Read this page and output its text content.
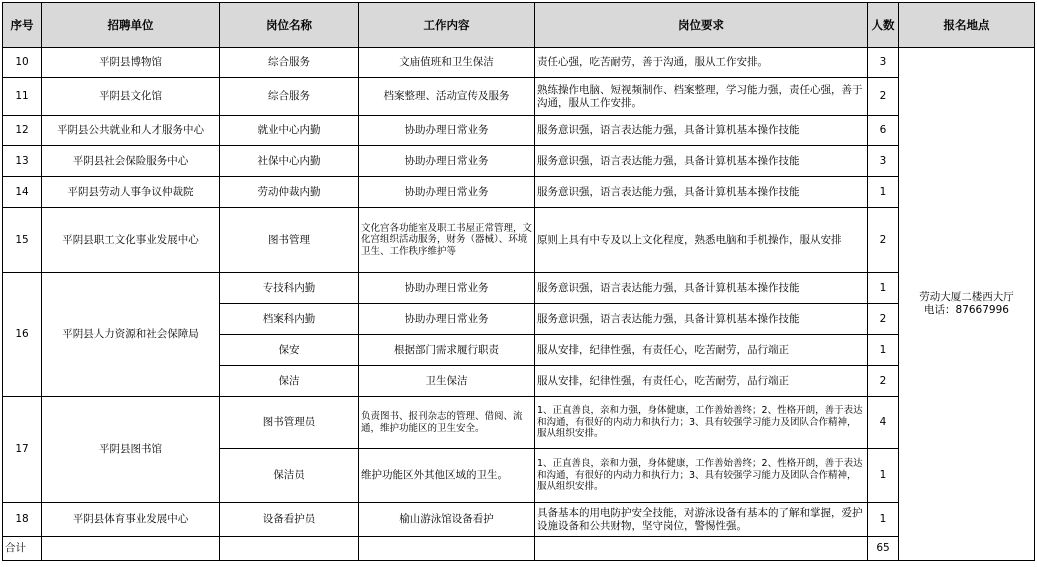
序号	招聘单位	岗位名称	工作内容	岗位要求	人数	报名地点
10	平阴县博物馆	综合服务	文庙值班和卫生保洁	责任心强，吃苦耐劳，善于沟通，服从工作安排。	3	劳动大厦二楼西大厅
电话：87667996
11	平阴县文化馆	综合服务	档案整理、活动宣传及服务	熟练操作电脑、短视频制作、档案整理，学习能力强，责任心强，善于沟通，服从工作安排。	2	
12	平阴县公共就业和人才服务中心	就业中心内勤	协助办理日常业务	服务意识强，语言表达能力强，具备计算机基本操作技能	6	
13	平阴县社会保险服务中心	社保中心内勤	协助办理日常业务	服务意识强，语言表达能力强，具备计算机基本操作技能	3	
14	平阴县劳动人事争议仲裁院	劳动仲裁内勤	协助办理日常业务	服务意识强，语言表达能力强，具备计算机基本操作技能	1	
15	平阴县职工文化事业发展中心	图书管理	文化宫各功能室及职工书屋正常管理，文化宫组织活动服务，财务（器械）、环境卫生、工作秩序维护等	原则上具有中专及以上文化程度，熟悉电脑和手机操作，服从安排	2	
16	平阴县人力资源和社会保障局	专技科内勤	协助办理日常业务	服务意识强，语言表达能力强，具备计算机基本操作技能	1	
		档案科内勤	协助办理日常业务	服务意识强，语言表达能力强，具备计算机基本操作技能	2	
		保安	根据部门需求履行职责	服从安排，纪律性强，有责任心，吃苦耐劳，品行端正	1	
		保洁	卫生保洁	服从安排，纪律性强，有责任心，吃苦耐劳，品行端正	2	
17	平阴县图书馆	图书管理员	负责图书、报刊杂志的管理、借阅、流通，维护功能区的卫生安全。	1、正直善良，亲和力强，身体健康，工作善始善终；2、性格开朗，善于表达和沟通，有很好的内动力和执行力；3、具有较强学习能力及团队合作精神，服从组织安排。	4	
		保洁员	维护功能区外其他区域的卫生。	1、正直善良，亲和力强，身体健康，工作善始善终；2、性格开朗，善于表达和沟通，有很好的内动力和执行力；3、具有较强学习能力及团队合作精神，服从组织安排。	1	
18	平阴县体育事业发展中心	设备看护员	榆山游泳馆设备看护	具备基本的用电防护安全技能，对游泳设备有基本的了解和掌握，爱护设施设备和公共财物，坚守岗位，警惕性强。	1	
合计					65	
